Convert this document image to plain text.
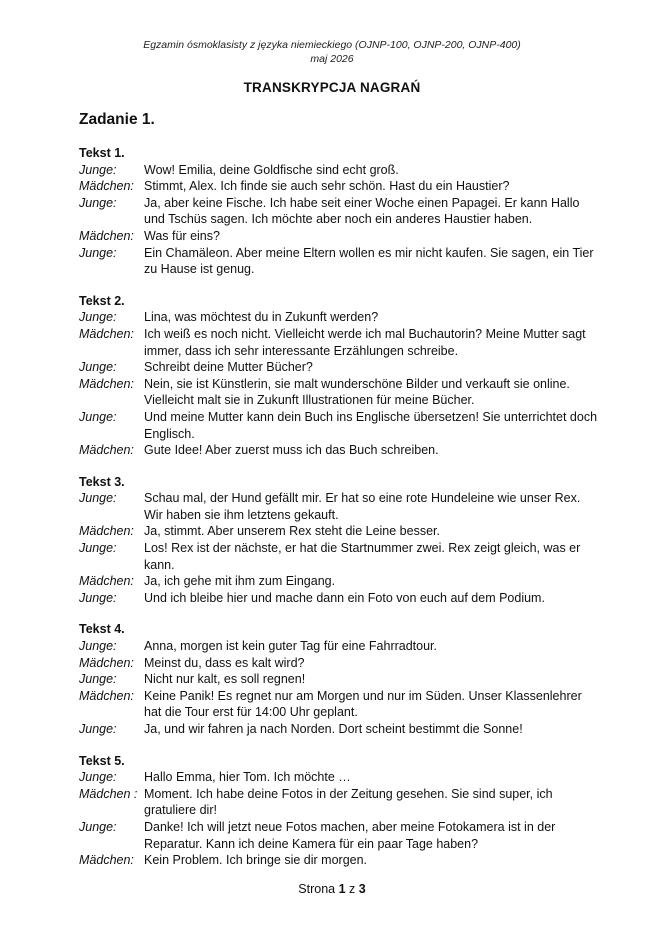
Egzamin ósmoklasisty z języka niemieckiego (OJNP-100, OJNP-200, OJNP-400)
maj 2026
TRANSKRYPCJA NAGRAŃ
Zadanie 1.
Tekst 1.
Junge:	Wow! Emilia, deine Goldfische sind echt groß.
Mädchen: Stimmt, Alex. Ich finde sie auch sehr schön. Hast du ein Haustier?
Junge:	Ja, aber keine Fische. Ich habe seit einer Woche einen Papagei. Er kann Hallo und Tschüs sagen. Ich möchte aber noch ein anderes Haustier haben.
Mädchen: Was für eins?
Junge:	Ein Chamäleon. Aber meine Eltern wollen es mir nicht kaufen. Sie sagen, ein Tier zu Hause ist genug.
Tekst 2.
Junge:	Lina, was möchtest du in Zukunft werden?
Mädchen: Ich weiß es noch nicht. Vielleicht werde ich mal Buchautorin? Meine Mutter sagt immer, dass ich sehr interessante Erzählungen schreibe.
Junge:	Schreibt deine Mutter Bücher?
Mädchen: Nein, sie ist Künstlerin, sie malt wunderschöne Bilder und verkauft sie online. Vielleicht malt sie in Zukunft Illustrationen für meine Bücher.
Junge:	Und meine Mutter kann dein Buch ins Englische übersetzen! Sie unterrichtet doch Englisch.
Mädchen: Gute Idee! Aber zuerst muss ich das Buch schreiben.
Tekst 3.
Junge:	Schau mal, der Hund gefällt mir. Er hat so eine rote Hundeleine wie unser Rex. Wir haben sie ihm letztens gekauft.
Mädchen: Ja, stimmt. Aber unserem Rex steht die Leine besser.
Junge:	Los! Rex ist der nächste, er hat die Startnummer zwei. Rex zeigt gleich, was er kann.
Mädchen: Ja, ich gehe mit ihm zum Eingang.
Junge:	Und ich bleibe hier und mache dann ein Foto von euch auf dem Podium.
Tekst 4.
Junge:	Anna, morgen ist kein guter Tag für eine Fahrradtour.
Mädchen: Meinst du, dass es kalt wird?
Junge:	Nicht nur kalt, es soll regnen!
Mädchen: Keine Panik! Es regnet nur am Morgen und nur im Süden. Unser Klassenlehrer hat die Tour erst für 14:00 Uhr geplant.
Junge:	Ja, und wir fahren ja nach Norden. Dort scheint bestimmt die Sonne!
Tekst 5.
Junge:	Hallo Emma, hier Tom. Ich möchte …
Mädchen : Moment. Ich habe deine Fotos in der Zeitung gesehen. Sie sind super, ich gratuliere dir!
Junge:	Danke! Ich will jetzt neue Fotos machen, aber meine Fotokamera ist in der Reparatur. Kann ich deine Kamera für ein paar Tage haben?
Mädchen: Kein Problem. Ich bringe sie dir morgen.
Strona 1 z 3
